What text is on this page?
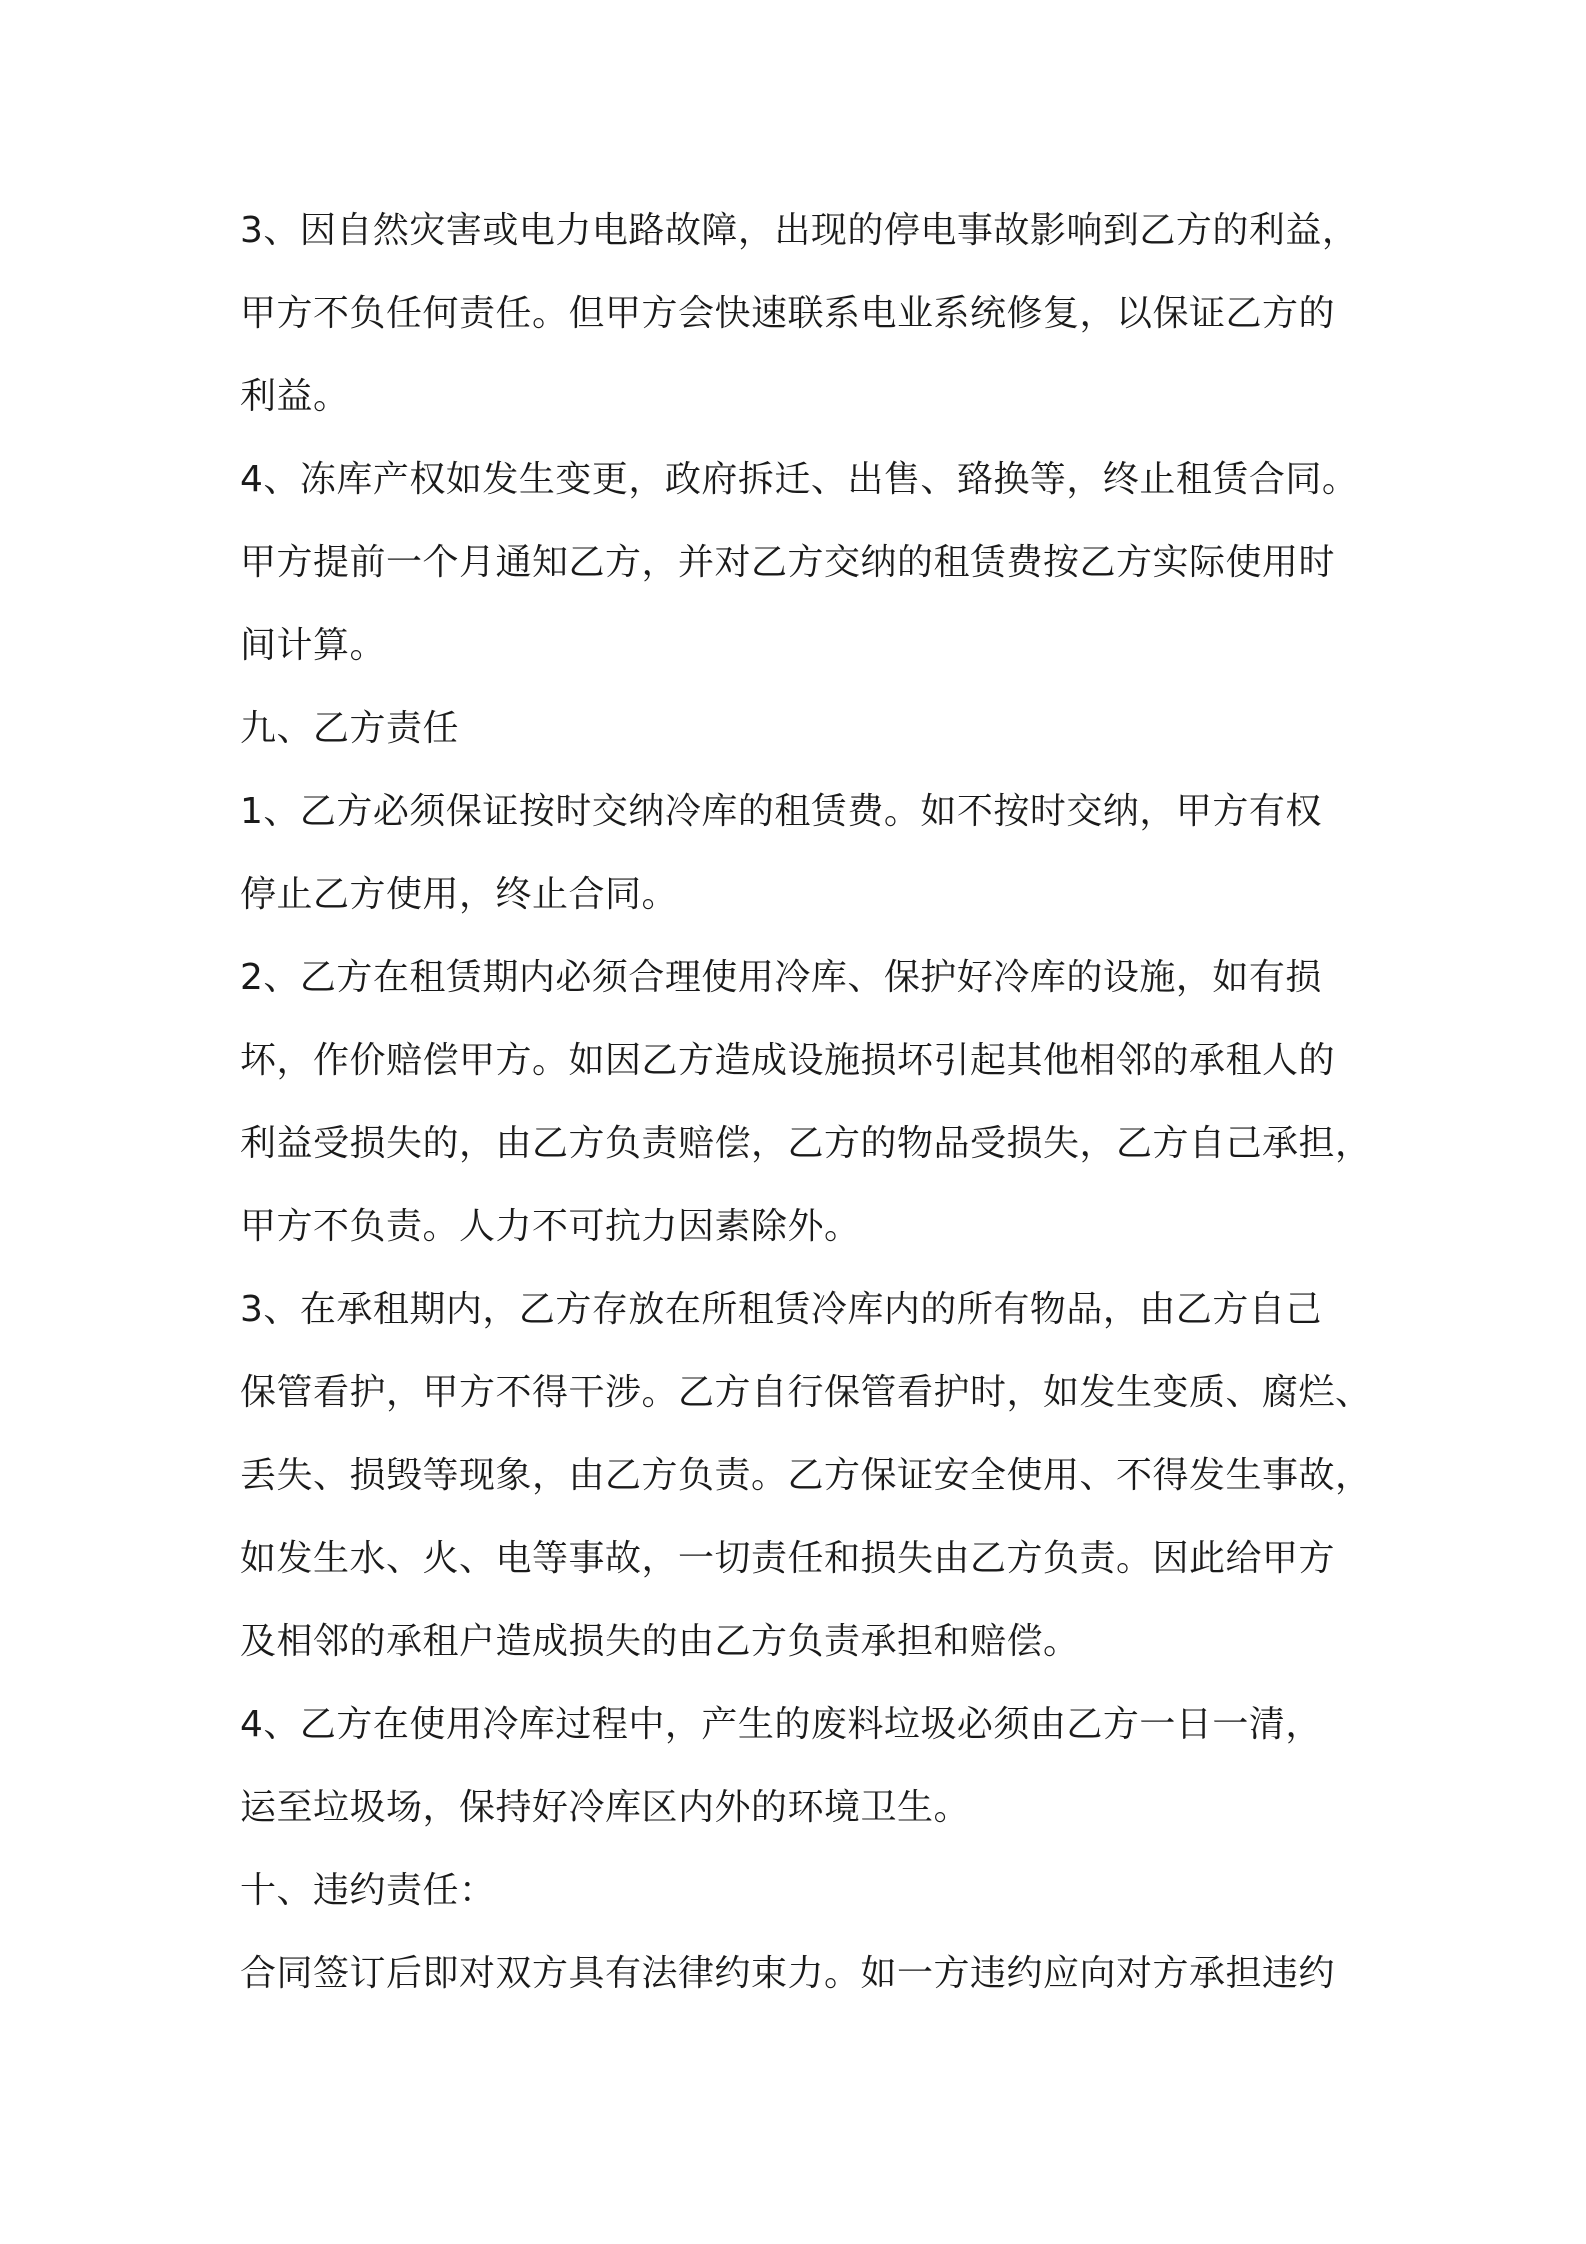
3、因自然灾害或电力电路故障，出现的停电事故影响到乙方的利益，
甲方不负任何责任。但甲方会快速联系电业系统修复，以保证乙方的
利益。
4、冻库产权如发生变更，政府拆迁、出售、臵换等，终止租赁合同。
甲方提前一个月通知乙方，并对乙方交纳的租赁费按乙方实际使用时
间计算。
九、乙方责任
1、乙方必须保证按时交纳冷库的租赁费。如不按时交纳，甲方有权
停止乙方使用，终止合同。
2、乙方在租赁期内必须合理使用冷库、保护好冷库的设施，如有损
坏，作价赔偿甲方。如因乙方造成设施损坏引起其他相邻的承租人的
利益受损失的，由乙方负责赔偿，乙方的物品受损失，乙方自己承担，
甲方不负责。人力不可抗力因素除外。
3、在承租期内，乙方存放在所租赁冷库内的所有物品，由乙方自己
保管看护，甲方不得干涉。乙方自行保管看护时，如发生变质、腐烂、
丢失、损毁等现象，由乙方负责。乙方保证安全使用、不得发生事故，
如发生水、火、电等事故，一切责任和损失由乙方负责。因此给甲方
及相邻的承租户造成损失的由乙方负责承担和赔偿。
4、乙方在使用冷库过程中，产生的废料垃圾必须由乙方一日一清，
运至垃圾场，保持好冷库区内外的环境卫生。
十、违约责任：
合同签订后即对双方具有法律约束力。如一方违约应向对方承担违约
